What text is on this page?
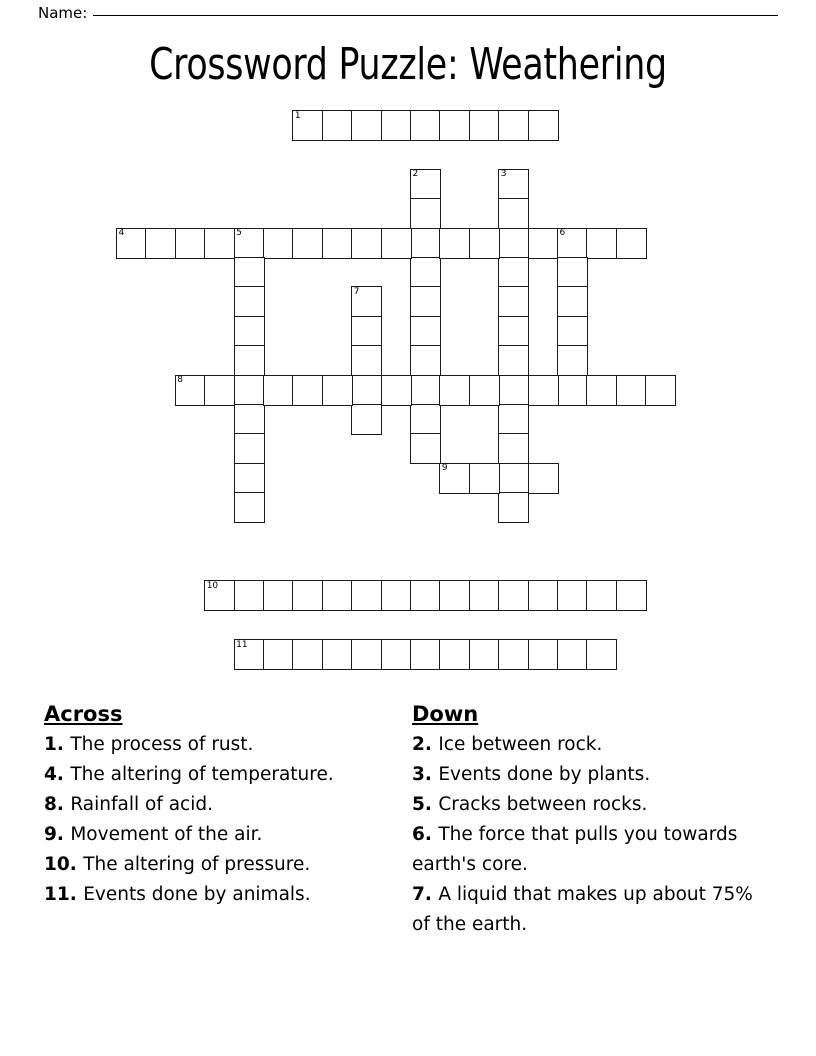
Name:
Crossword Puzzle: Weathering
1
2	3
4	5	6
7
8
9
10
11
Across
1. The process of rust.
4. The altering of temperature.
8. Rainfall of acid.
9. Movement of the air.
10. The altering of pressure.
11. Events done by animals.
Down
2. Ice between rock.
3. Events done by plants.
5. Cracks between rocks.
6. The force that pulls you towards earth's core.
7. A liquid that makes up about 75% of the earth.
